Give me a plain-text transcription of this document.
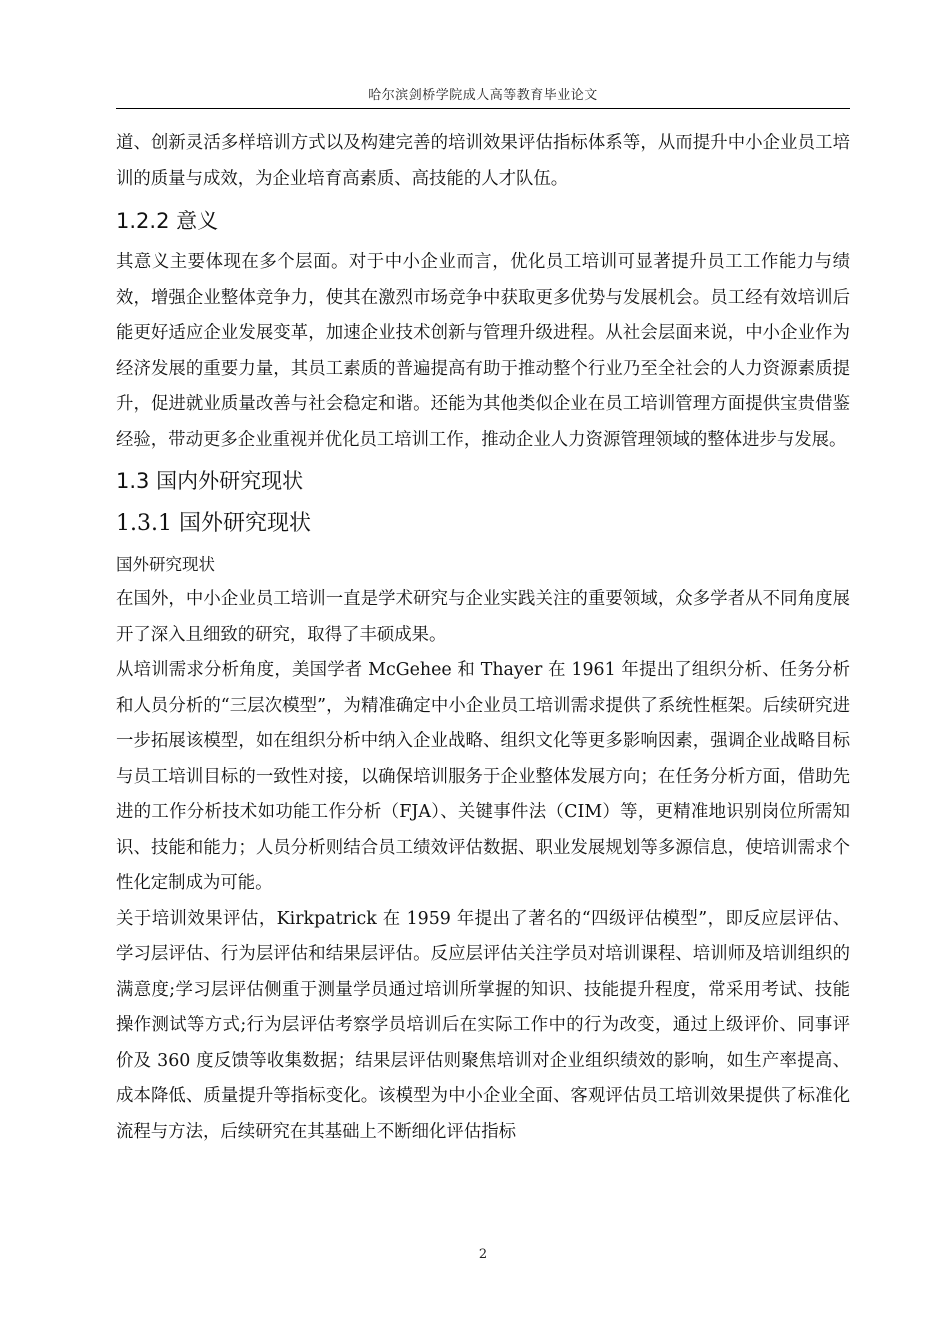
哈尔滨剑桥学院成人高等教育毕业论文

道、创新灵活多样培训方式以及构建完善的培训效果评估指标体系等，从而提升中小企业员工培训的质量与成效，为企业培育高素质、高技能的人才队伍。

1.2.2 意义

其意义主要体现在多个层面。对于中小企业而言，优化员工培训可显著提升员工工作能力与绩效，增强企业整体竞争力，使其在激烈市场竞争中获取更多优势与发展机会。员工经有效培训后能更好适应企业发展变革，加速企业技术创新与管理升级进程。从社会层面来说，中小企业作为经济发展的重要力量，其员工素质的普遍提高有助于推动整个行业乃至全社会的人力资源素质提升，促进就业质量改善与社会稳定和谐。还能为其他类似企业在员工培训管理方面提供宝贵借鉴经验，带动更多企业重视并优化员工培训工作，推动企业人力资源管理领域的整体进步与发展。

1.3 国内外研究现状
1.3.1 国外研究现状

国外研究现状

在国外，中小企业员工培训一直是学术研究与企业实践关注的重要领域，众多学者从不同角度展开了深入且细致的研究，取得了丰硕成果。

从培训需求分析角度，美国学者 McGehee 和 Thayer 在 1961 年提出了组织分析、任务分析和人员分析的“三层次模型”，为精准确定中小企业员工培训需求提供了系统性框架。后续研究进一步拓展该模型，如在组织分析中纳入企业战略、组织文化等更多影响因素，强调企业战略目标与员工培训目标的一致性对接，以确保培训服务于企业整体发展方向；在任务分析方面，借助先进的工作分析技术如功能工作分析（FJA）、关键事件法（CIM）等，更精准地识别岗位所需知识、技能和能力；人员分析则结合员工绩效评估数据、职业发展规划等多源信息，使培训需求个性化定制成为可能。

关于培训效果评估，Kirkpatrick 在 1959 年提出了著名的“四级评估模型”，即反应层评估、学习层评估、行为层评估和结果层评估。反应层评估关注学员对培训课程、培训师及培训组织的满意度;学习层评估侧重于测量学员通过培训所掌握的知识、技能提升程度，常采用考试、技能操作测试等方式;行为层评估考察学员培训后在实际工作中的行为改变，通过上级评价、同事评价及 360 度反馈等收集数据；结果层评估则聚焦培训对企业组织绩效的影响，如生产率提高、成本降低、质量提升等指标变化。该模型为中小企业全面、客观评估员工培训效果提供了标准化流程与方法，后续研究在其基础上不断细化评估指标

2
